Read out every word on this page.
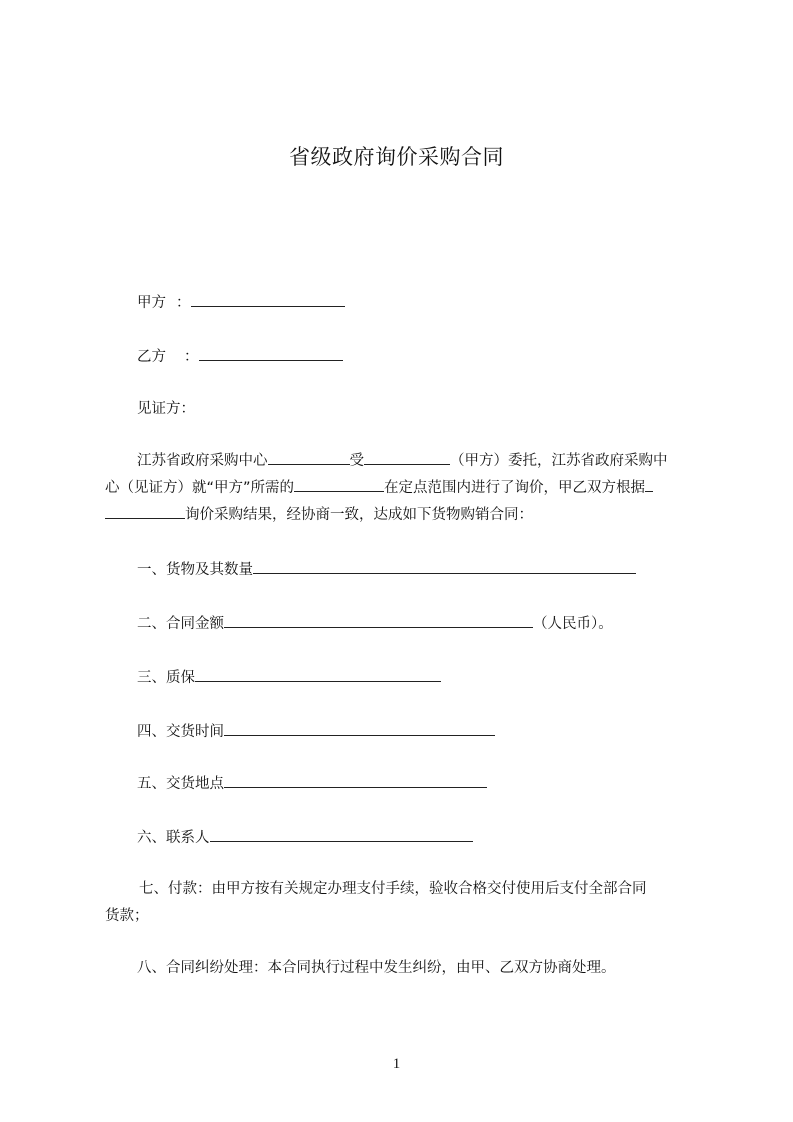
省级政府询价采购合同
甲方 ：
乙方 ：
见证方：
江苏省政府采购中心	受	（甲方）委托，江苏省政府采购中
心（见证方）就“甲方”所需的	在定点范围内进行了询价，甲乙双方根据
询价采购结果，经协商一致，达成如下货物购销合同：
一、货物及其数量
二、合同金额	（人民币）。
三、质保
四、交货时间
五、交货地点
六、联系人
七、付款：由甲方按有关规定办理支付手续，验收合格交付使用后支付全部合同
货款；
八、合同纠纷处理：本合同执行过程中发生纠纷，由甲、乙双方协商处理。
1
